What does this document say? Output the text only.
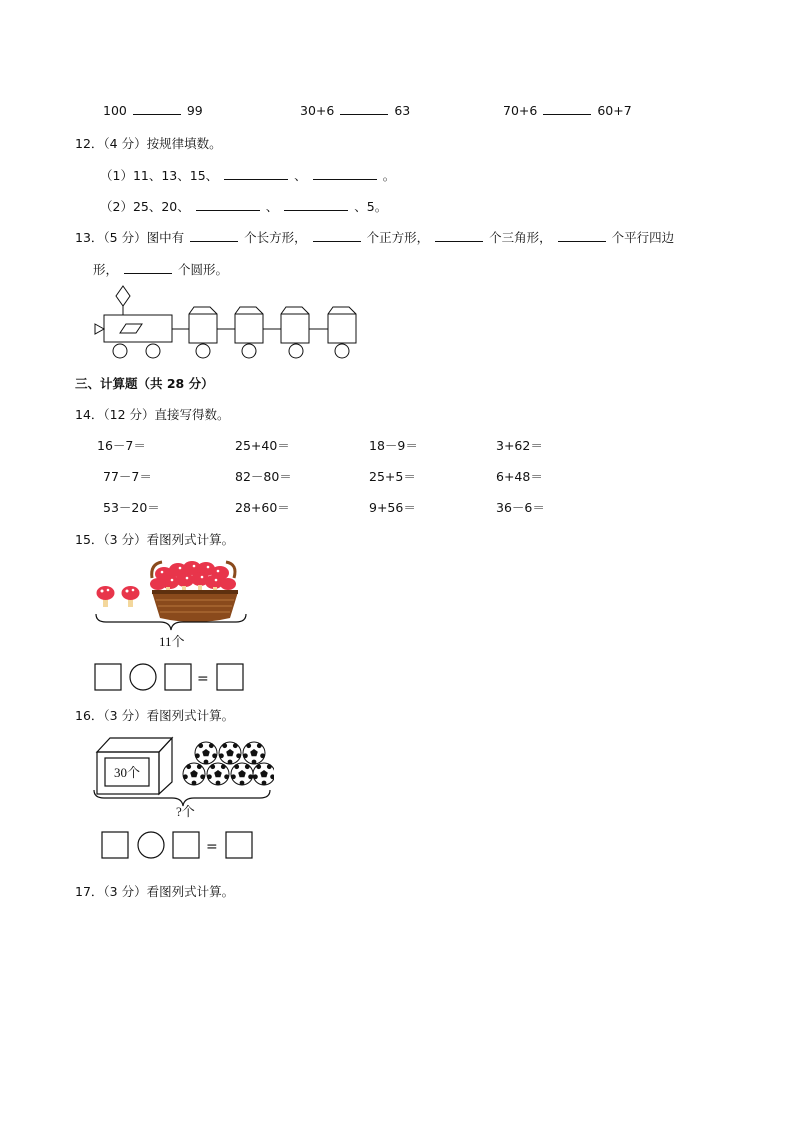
100	99	30+6	63	70+6	60+7
12．（4 分）按规律填数。
（1）11、13、15、	、	。
（2）25、20、	、	、5。
13．（5 分）图中有	个长方形，	个正方形，	个三角形，	个平行四边
形，	个圆形。
三、计算题（共 28 分）
14．（12 分）直接写得数。
16－7＝	25+40＝	18－9＝	3+62＝
77－7＝	82－80＝	25+5＝	6+48＝
53－20＝	28+60＝	9+56＝	36－6＝
15．（3 分）看图列式计算。
11个
=
16．（3 分）看图列式计算。
30个
?个
=
17．（3 分）看图列式计算。
